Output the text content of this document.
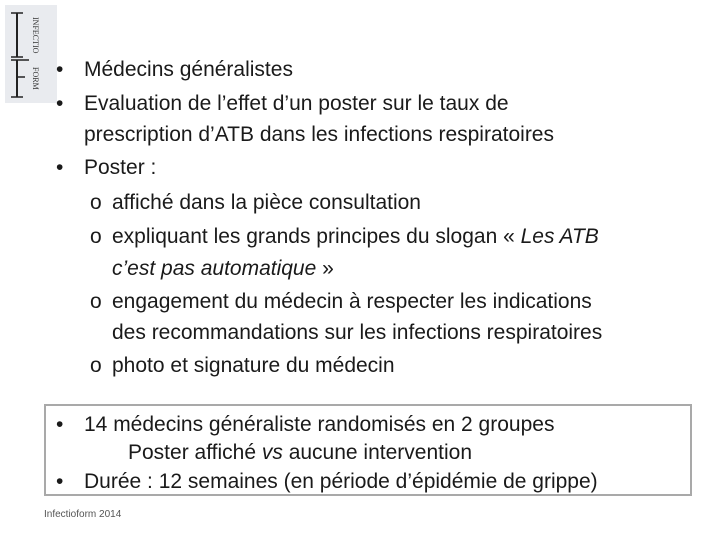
INFECTIO
FORM • Médecins généralistes
• Evaluation de l’effet d’un poster sur le taux de
prescription d’ATB dans les infections respiratoires
• Poster :
o affiché dans la pièce consultation
o expliquant les grands principes du slogan « Les ATB
c’est pas automatique »
o engagement du médecin à respecter les indications
des recommandations sur les infections respiratoires
o photo et signature du médecin
• 14 médecins généraliste randomisés en 2 groupes
Poster affiché vs aucune intervention
• Durée : 12 semaines (en période d’épidémie de grippe)
Infectioform 2014
